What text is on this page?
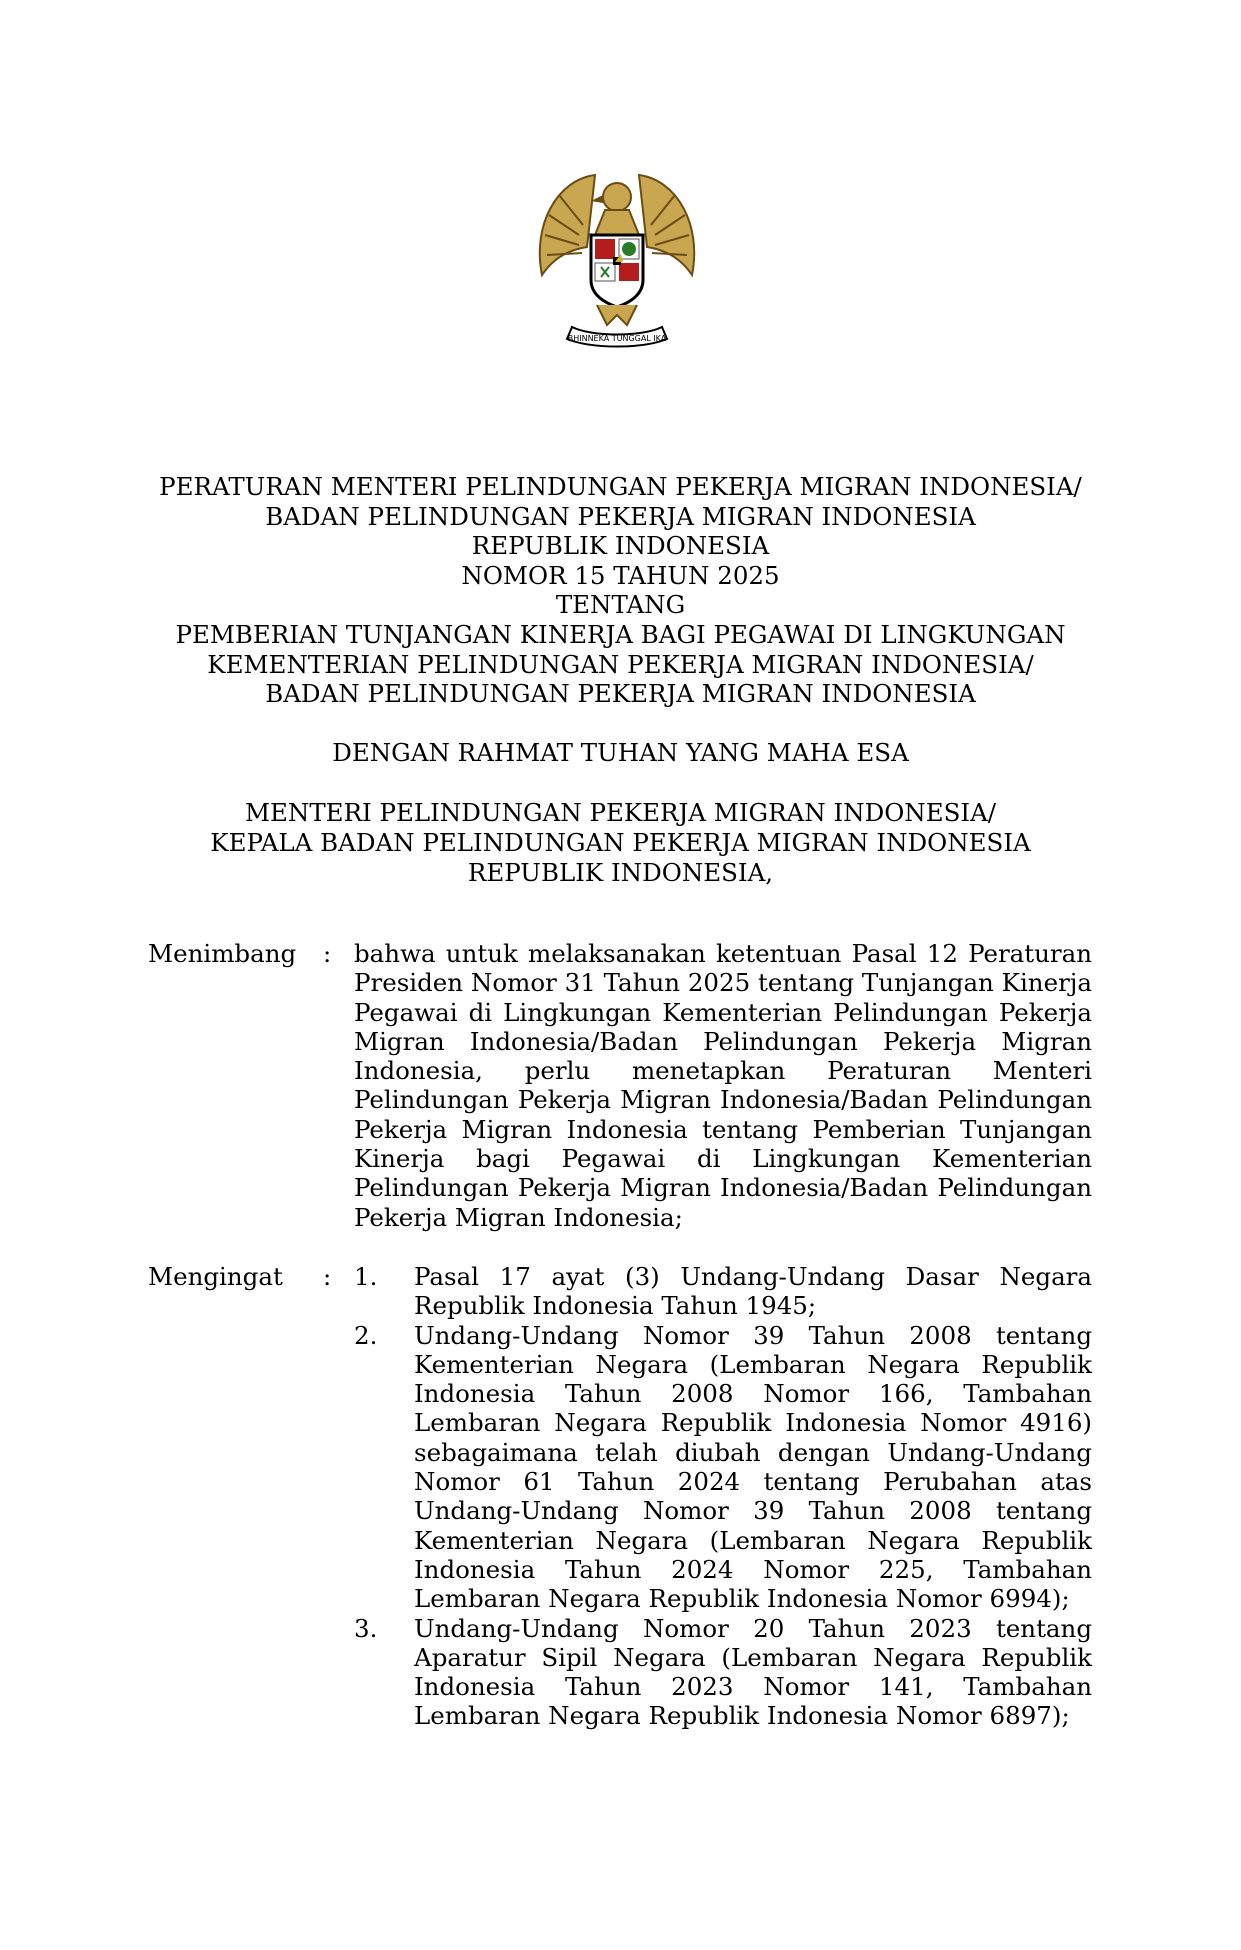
BHINNEKA TUNGGAL IKA
PERATURAN MENTERI PELINDUNGAN PEKERJA MIGRAN INDONESIA/
BADAN PELINDUNGAN PEKERJA MIGRAN INDONESIA
REPUBLIK INDONESIA
NOMOR 15 TAHUN 2025
TENTANG
PEMBERIAN TUNJANGAN KINERJA BAGI PEGAWAI DI LINGKUNGAN
KEMENTERIAN PELINDUNGAN PEKERJA MIGRAN INDONESIA/
BADAN PELINDUNGAN PEKERJA MIGRAN INDONESIA
DENGAN RAHMAT TUHAN YANG MAHA ESA
MENTERI PELINDUNGAN PEKERJA MIGRAN INDONESIA/
KEPALA BADAN PELINDUNGAN PEKERJA MIGRAN INDONESIA
REPUBLIK INDONESIA,
Menimbang : bahwa untuk melaksanakan ketentuan Pasal 12 Peraturan
Presiden Nomor 31 Tahun 2025 tentang Tunjangan Kinerja
Pegawai di Lingkungan Kementerian Pelindungan Pekerja
Migran Indonesia/Badan Pelindungan Pekerja Migran
Indonesia, perlu menetapkan Peraturan Menteri
Pelindungan Pekerja Migran Indonesia/Badan Pelindungan
Pekerja Migran Indonesia tentang Pemberian Tunjangan
Kinerja bagi Pegawai di Lingkungan Kementerian
Pelindungan Pekerja Migran Indonesia/Badan Pelindungan
Pekerja Migran Indonesia;
Mengingat : 1. Pasal 17 ayat (3) Undang-Undang Dasar Negara
Republik Indonesia Tahun 1945;
2. Undang-Undang Nomor 39 Tahun 2008 tentang
Kementerian Negara (Lembaran Negara Republik
Indonesia Tahun 2008 Nomor 166, Tambahan
Lembaran Negara Republik Indonesia Nomor 4916)
sebagaimana telah diubah dengan Undang-Undang
Nomor 61 Tahun 2024 tentang Perubahan atas
Undang-Undang Nomor 39 Tahun 2008 tentang
Kementerian Negara (Lembaran Negara Republik
Indonesia Tahun 2024 Nomor 225, Tambahan
Lembaran Negara Republik Indonesia Nomor 6994);
3. Undang-Undang Nomor 20 Tahun 2023 tentang
Aparatur Sipil Negara (Lembaran Negara Republik
Indonesia Tahun 2023 Nomor 141, Tambahan
Lembaran Negara Republik Indonesia Nomor 6897);
